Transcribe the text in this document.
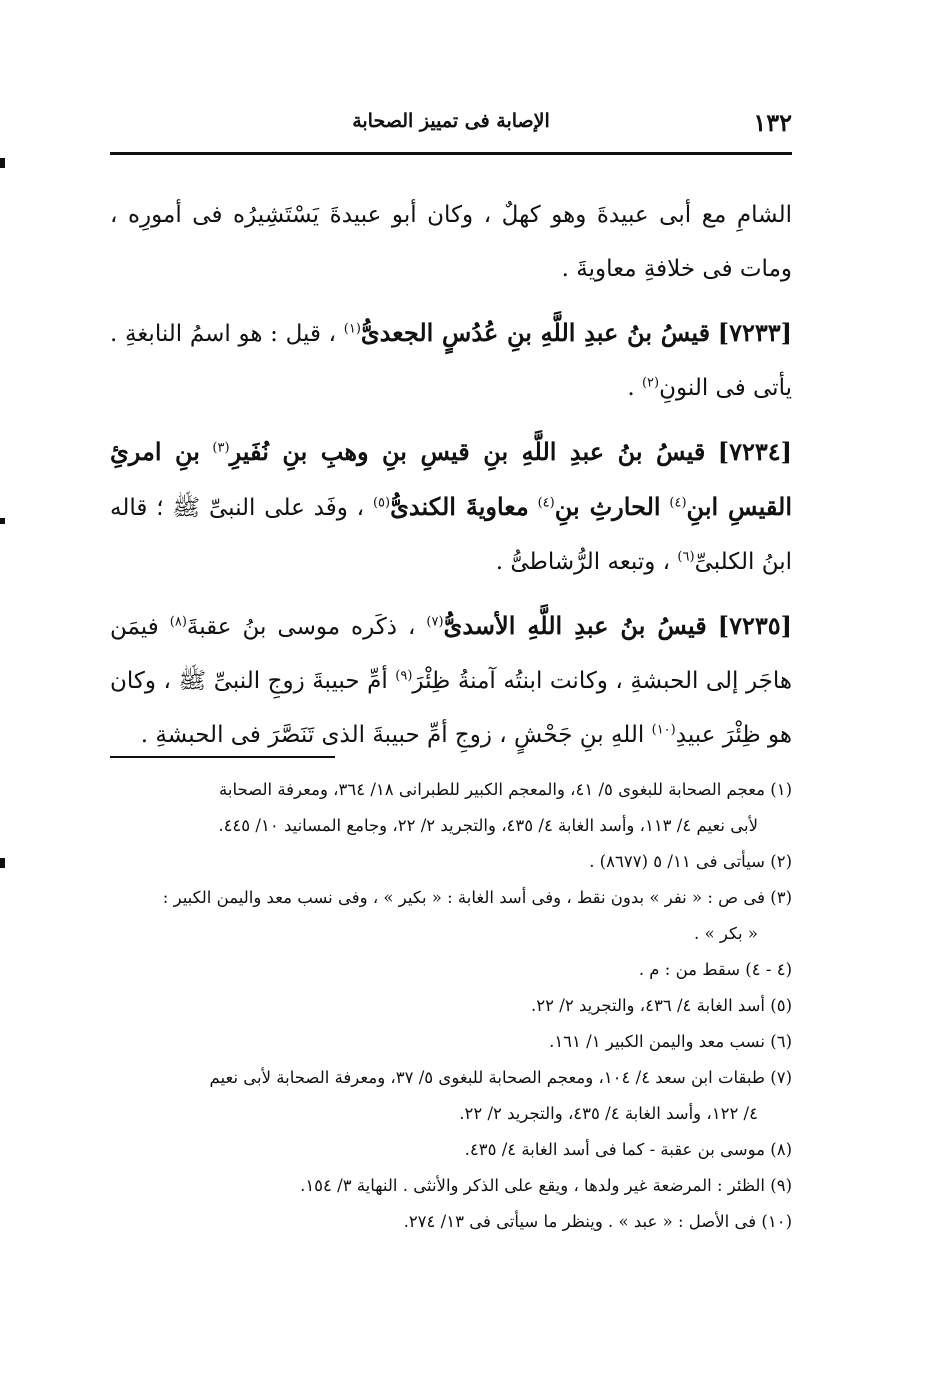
١٣٢
الإصابة فى تمييز الصحابة

الشامِ مع أبى عبيدةَ وهو كهلٌ ، وكان أبو عبيدةَ يَسْتَشِيرُه فى أمورِه ، ومات فى خلافةِ معاويةَ .

[٧٢٣٣] قيسُ بنُ عبدِ اللَّهِ بنِ عُدُسٍ الجعدىُّ$^{(١)}$ ، قيل : هو اسمُ النابغةِ . يأتى فى النونِ$^{(٢)}$ .

[٧٢٣٤] قيسُ بنُ عبدِ اللَّهِ بنِ قيسِ بنِ وهبِ بنِ نُفَيرِ$^{(٣)}$ بنِ امرئِ القيسِ ابنِ$^{(٤)}$ الحارثِ بنِ$^{(٤)}$ معاويةَ الكندىُّ$^{(٥)}$ ، وفَد على النبىِّ ﷺ ؛ قاله ابنُ الكلبىِّ$^{(٦)}$ ، وتبعه الرُّشاطىُّ .

[٧٢٣٥] قيسُ بنُ عبدِ اللَّهِ الأسدىُّ$^{(٧)}$ ، ذكَره موسى بنُ عقبةَ$^{(٨)}$ فيمَن هاجَر إلى الحبشةِ ، وكانت ابنتُه آمنةُ ظِئْرَ$^{(٩)}$ أمِّ حبيبةَ زوجِ النبىِّ ﷺ ، وكان هو ظِئْرَ عبيدِ$^{(١٠)}$ اللهِ بنِ جَحْشٍ ، زوجِ أمِّ حبيبةَ الذى تَنَصَّرَ فى الحبشةِ .

(١) معجم الصحابة للبغوى ٥/ ٤١، والمعجم الكبير للطبرانى ١٨/ ٣٦٤، ومعرفة الصحابة

لأبى نعيم ٤/ ١١٣، وأسد الغابة ٤/ ٤٣٥، والتجريد ٢/ ٢٢، وجامع المسانيد ١٠/ ٤٤٥.

(٢) سيأتى فى ١١/ ٥ (٨٦٧٧) .

(٣) فى ص : « نفر » بدون نقط ، وفى أسد الغابة : « بكير » ، وفى نسب معد واليمن الكبير :

« بكر » .

(٤ - ٤) سقط من : م .

(٥) أسد الغابة ٤/ ٤٣٦، والتجريد ٢/ ٢٢.

(٦) نسب معد واليمن الكبير ١/ ١٦١.

(٧) طبقات ابن سعد ٤/ ١٠٤، ومعجم الصحابة للبغوى ٥/ ٣٧، ومعرفة الصحابة لأبى نعيم

٤/ ١٢٢، وأسد الغابة ٤/ ٤٣٥، والتجريد ٢/ ٢٢.

(٨) موسى بن عقبة - كما فى أسد الغابة ٤/ ٤٣٥.

(٩) الظئر : المرضعة غير ولدها ، ويقع على الذكر والأنثى . النهاية ٣/ ١٥٤.

(١٠) فى الأصل : « عبد » . وينظر ما سيأتى فى ١٣/ ٢٧٤.
